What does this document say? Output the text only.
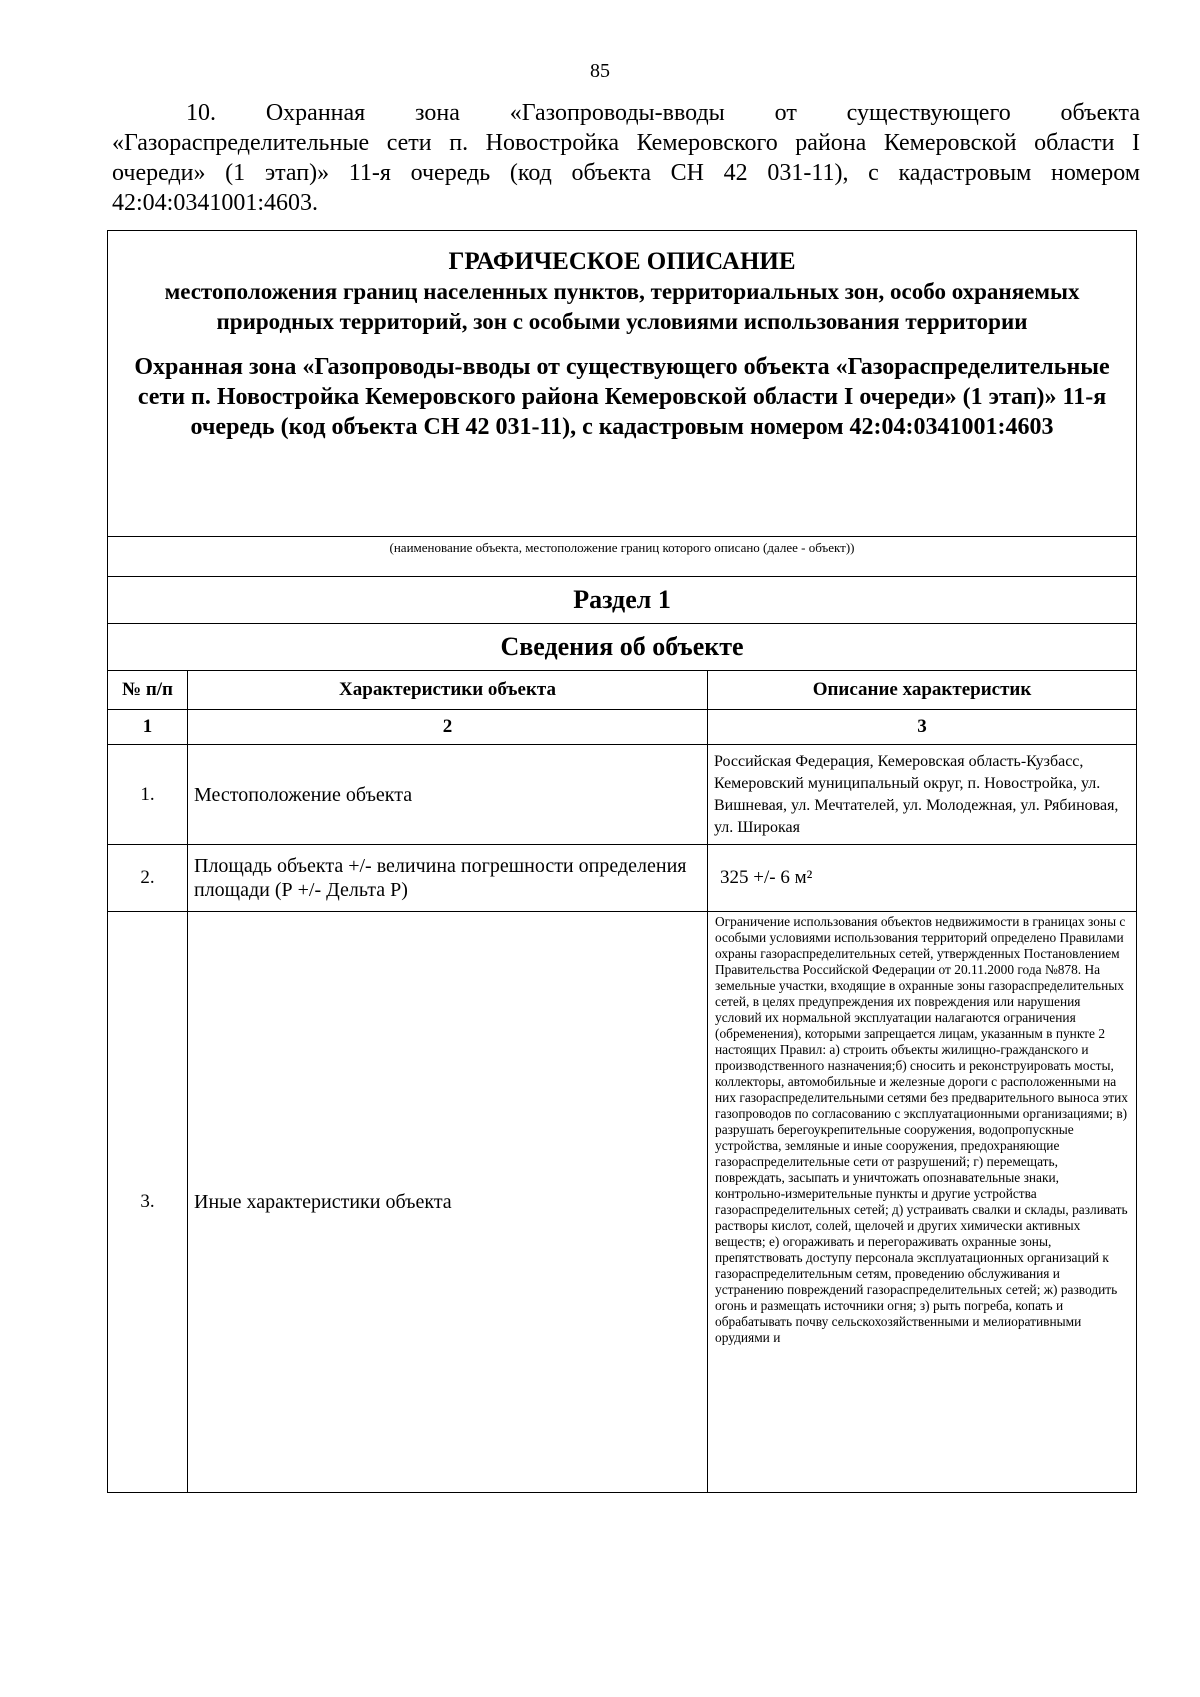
85
10. Охранная зона «Газопроводы-вводы от существующего объекта «Газораспределительные сети п. Новостройка Кемеровского района Кемеровской области I очереди» (1 этап)» 11-я очередь (код объекта СН 42 031-11), с кадастровым номером 42:04:0341001:4603.
ГРАФИЧЕСКОЕ ОПИСАНИЕ
местоположения границ населенных пунктов, территориальных зон, особо охраняемых природных территорий, зон с особыми условиями использования территории
Охранная зона «Газопроводы-вводы от существующего объекта «Газораспределительные сети п. Новостройка Кемеровского района Кемеровской области I очереди» (1 этап)» 11-я очередь (код объекта СН 42 031-11), с кадастровым номером 42:04:0341001:4603		

(наименование объекта, местоположение границ которого описано (далее - объект))		
Раздел 1		
Сведения об объекте		
№ п/п	Характеристики объекта	Описание характеристик
1	2	3
1.	Местоположение объекта	Российская Федерация, Кемеровская область-Кузбасс, Кемеровский муниципальный округ, п. Новостройка, ул. Вишневая, ул. Мечтателей, ул. Молодежная, ул. Рябиновая, ул. Широкая
2.	Площадь объекта +/- величина погрешности определения площади (Р +/- Дельта Р)	325 +/- 6 м²
3.	Иные характеристики объекта	Ограничение использования объектов недвижимости в границах зоны с особыми условиями использования территорий определено Правилами охраны газораспределительных сетей, утвержденных Постановлением Правительства Российской Федерации от 20.11.2000 года №878. На земельные участки, входящие в охранные зоны газораспределительных сетей, в целях предупреждения их повреждения или нарушения условий их нормальной эксплуатации налагаются ограничения (обременения), которыми запрещается лицам, указанным в пункте 2 настоящих Правил: а) строить объекты жилищно-гражданского и производственного назначения;б) сносить и реконструировать мосты, коллекторы, автомобильные и железные дороги с расположенными на них газораспределительными сетями без предварительного выноса этих газопроводов по согласованию с эксплуатационными организациями; в) разрушать берегоукрепительные сооружения, водопропускные устройства, земляные и иные сооружения, предохраняющие газораспределительные сети от разрушений; г) перемещать, повреждать, засыпать и уничтожать опознавательные знаки, контрольно-измерительные пункты и другие устройства газораспределительных сетей; д) устраивать свалки и склады, разливать растворы кислот, солей, щелочей и других химически активных веществ; е) огораживать и перегораживать охранные зоны, препятствовать доступу персонала эксплуатационных организаций к газораспределительным сетям, проведению обслуживания и устранению повреждений газораспределительных сетей; ж) разводить огонь и размещать источники огня; з) рыть погреба, копать и обрабатывать почву сельскохозяйственными и мелиоративными орудиями и
